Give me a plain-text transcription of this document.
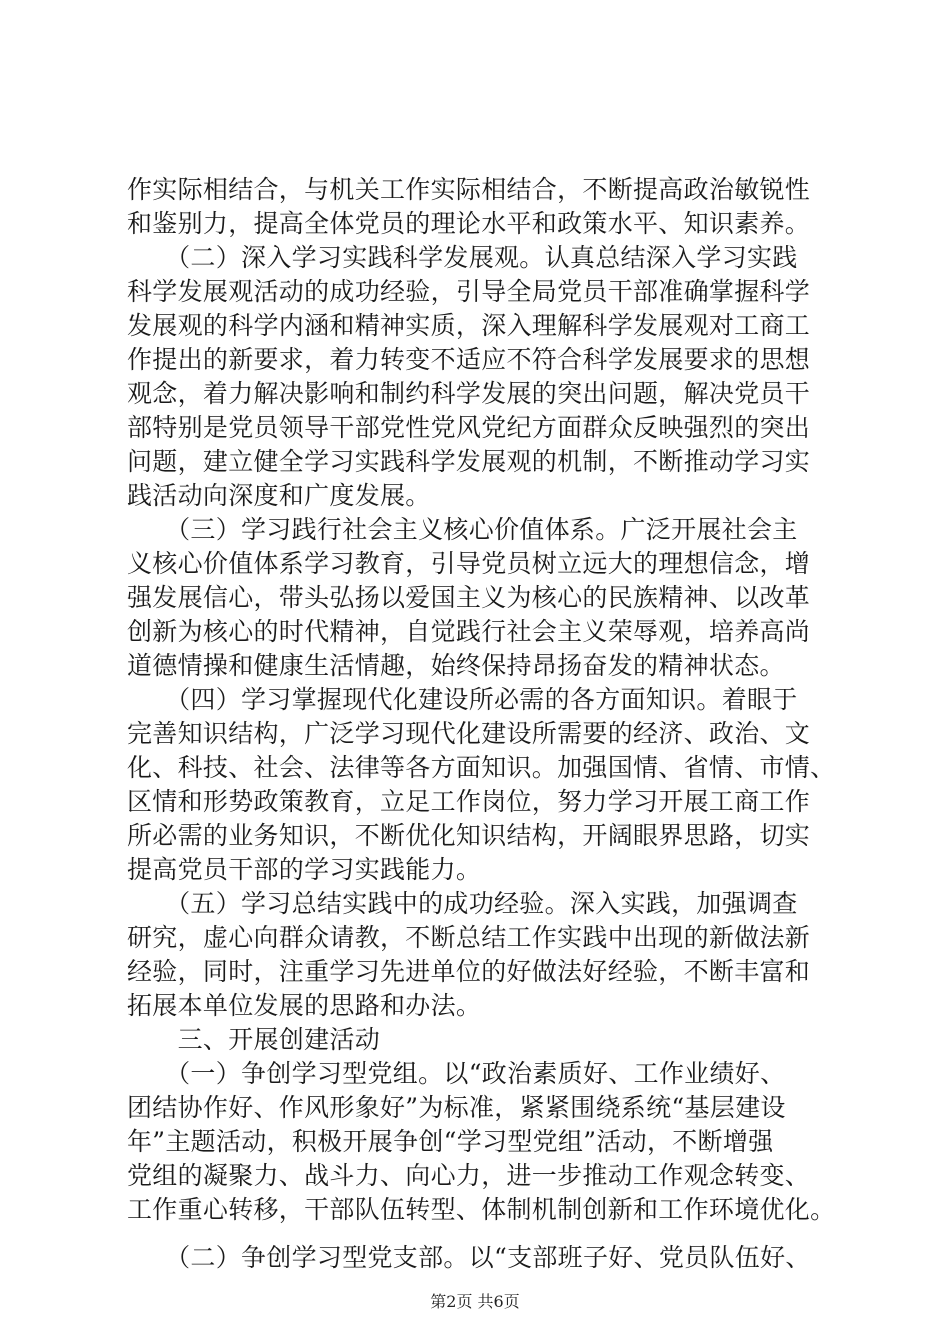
作实际相结合，与机关工作实际相结合，不断提高政治敏锐性
和鉴别力，提高全体党员的理论水平和政策水平、知识素养。
　　（二）深入学习实践科学发展观。认真总结深入学习实践
科学发展观活动的成功经验，引导全局党员干部准确掌握科学
发展观的科学内涵和精神实质，深入理解科学发展观对工商工
作提出的新要求，着力转变不适应不符合科学发展要求的思想
观念，着力解决影响和制约科学发展的突出问题，解决党员干
部特别是党员领导干部党性党风党纪方面群众反映强烈的突出
问题，建立健全学习实践科学发展观的机制，不断推动学习实
践活动向深度和广度发展。
　　（三）学习践行社会主义核心价值体系。广泛开展社会主
义核心价值体系学习教育，引导党员树立远大的理想信念，增
强发展信心，带头弘扬以爱国主义为核心的民族精神、以改革
创新为核心的时代精神，自觉践行社会主义荣辱观，培养高尚
道德情操和健康生活情趣，始终保持昂扬奋发的精神状态。
　　（四）学习掌握现代化建设所必需的各方面知识。着眼于
完善知识结构，广泛学习现代化建设所需要的经济、政治、文
化、科技、社会、法律等各方面知识。加强国情、省情、市情、
区情和形势政策教育，立足工作岗位，努力学习开展工商工作
所必需的业务知识，不断优化知识结构，开阔眼界思路，切实
提高党员干部的学习实践能力。
　　（五）学习总结实践中的成功经验。深入实践，加强调查
研究，虚心向群众请教，不断总结工作实践中出现的新做法新
经验，同时，注重学习先进单位的好做法好经验，不断丰富和
拓展本单位发展的思路和办法。
　　三、开展创建活动
　　（一）争创学习型党组。以“政治素质好、工作业绩好、
团结协作好、作风形象好”为标准，紧紧围绕系统“基层建设
年”主题活动，积极开展争创“学习型党组”活动，不断增强
党组的凝聚力、战斗力、向心力，进一步推动工作观念转变、
工作重心转移，干部队伍转型、体制机制创新和工作环境优化。
　　（二）争创学习型党支部。以“支部班子好、党员队伍好、
第2页 共6页
